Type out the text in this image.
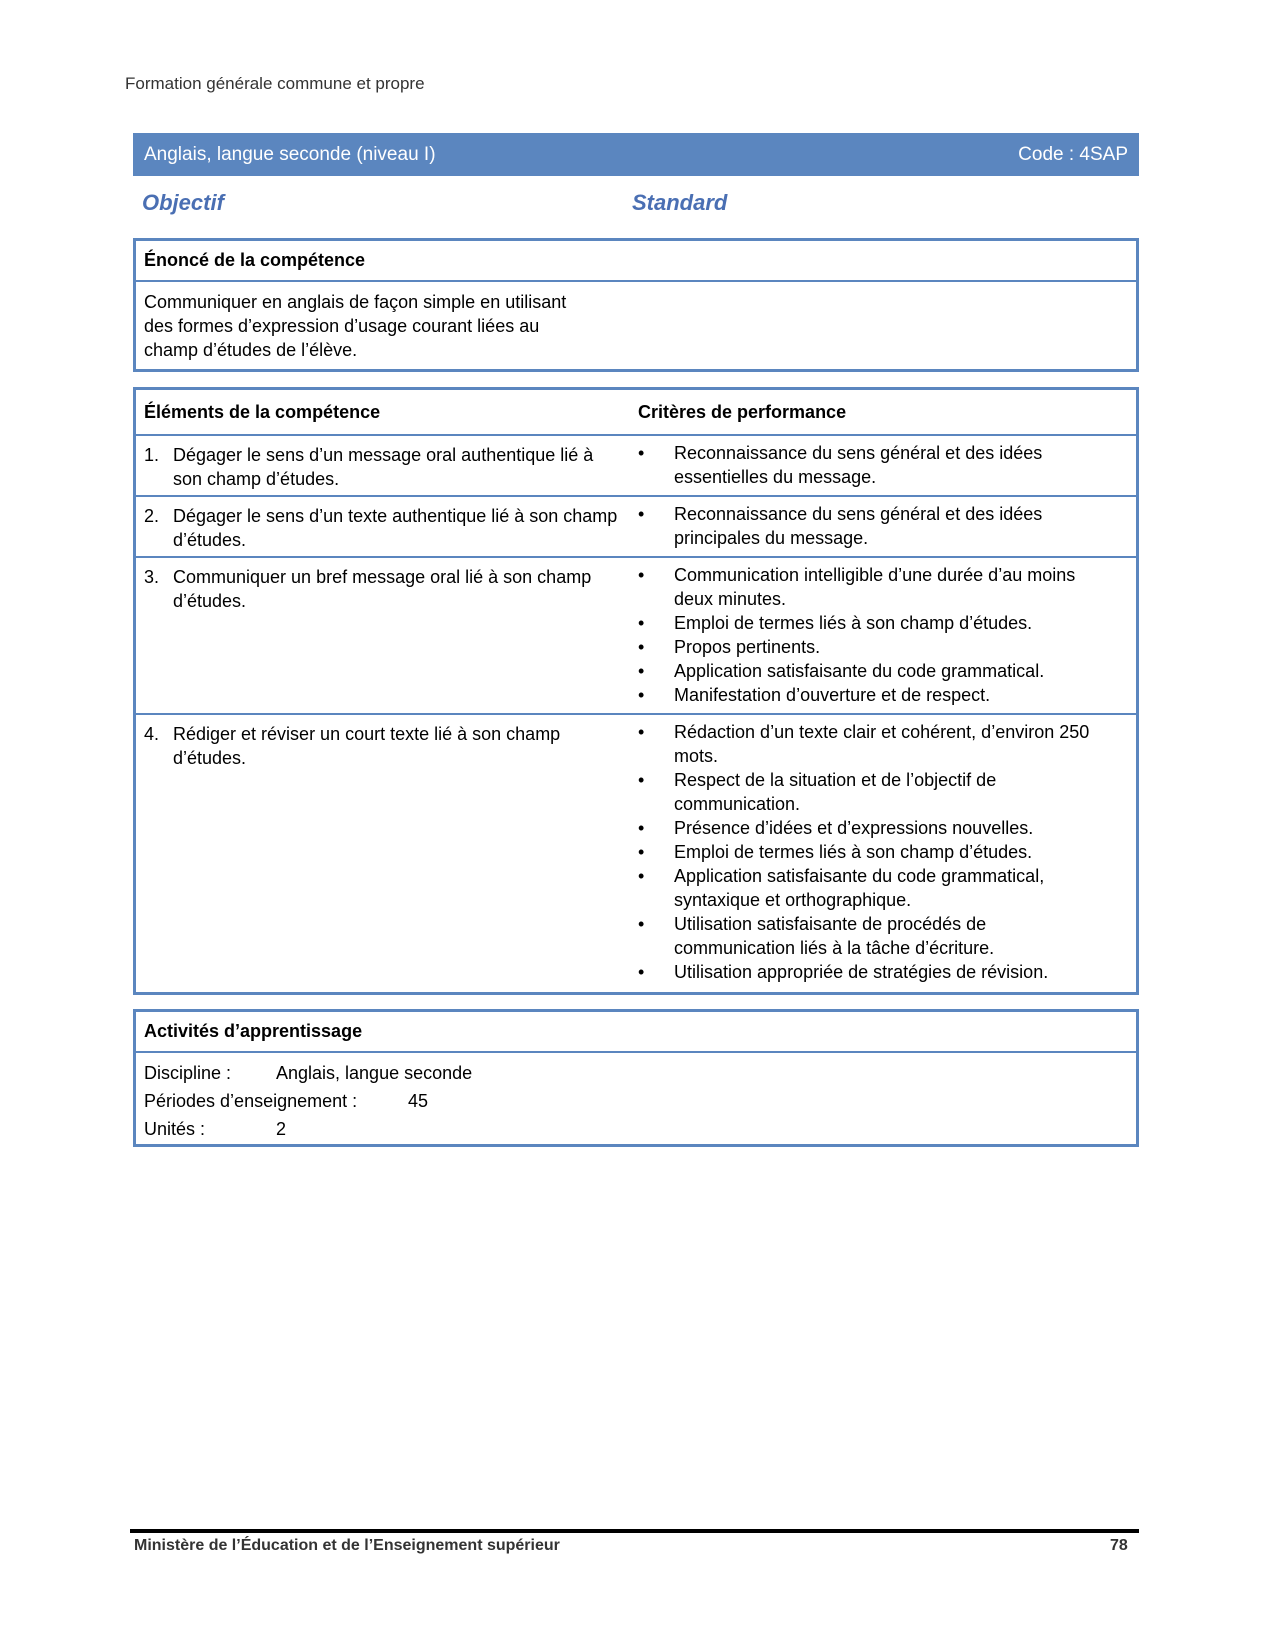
Formation générale commune et propre
Anglais, langue seconde (niveau I)	Code : 4SAP
Objectif	Standard
Énoncé de la compétence
Communiquer en anglais de façon simple en utilisant des formes d’expression d’usage courant liées au champ d’études de l’élève.
Éléments de la compétence	Critères de performance
1. Dégager le sens d’un message oral authentique lié à son champ d’études.
•	Reconnaissance du sens général et des idées essentielles du message.
2. Dégager le sens d’un texte authentique lié à son champ d’études.
•	Reconnaissance du sens général et des idées principales du message.
3. Communiquer un bref message oral lié à son champ d’études.
•	Communication intelligible d’une durée d’au moins deux minutes.
•	Emploi de termes liés à son champ d’études.
•	Propos pertinents.
•	Application satisfaisante du code grammatical.
•	Manifestation d’ouverture et de respect.
4. Rédiger et réviser un court texte lié à son champ d’études.
•	Rédaction d’un texte clair et cohérent, d’environ 250 mots.
•	Respect de la situation et de l’objectif de communication.
•	Présence d’idées et d’expressions nouvelles.
•	Emploi de termes liés à son champ d’études.
•	Application satisfaisante du code grammatical, syntaxique et orthographique.
•	Utilisation satisfaisante de procédés de communication liés à la tâche d’écriture.
•	Utilisation appropriée de stratégies de révision.
Activités d’apprentissage
Discipline :	Anglais, langue seconde
Périodes d’enseignement :	45
Unités :	2
Ministère de l’Éducation et de l’Enseignement supérieur	78
